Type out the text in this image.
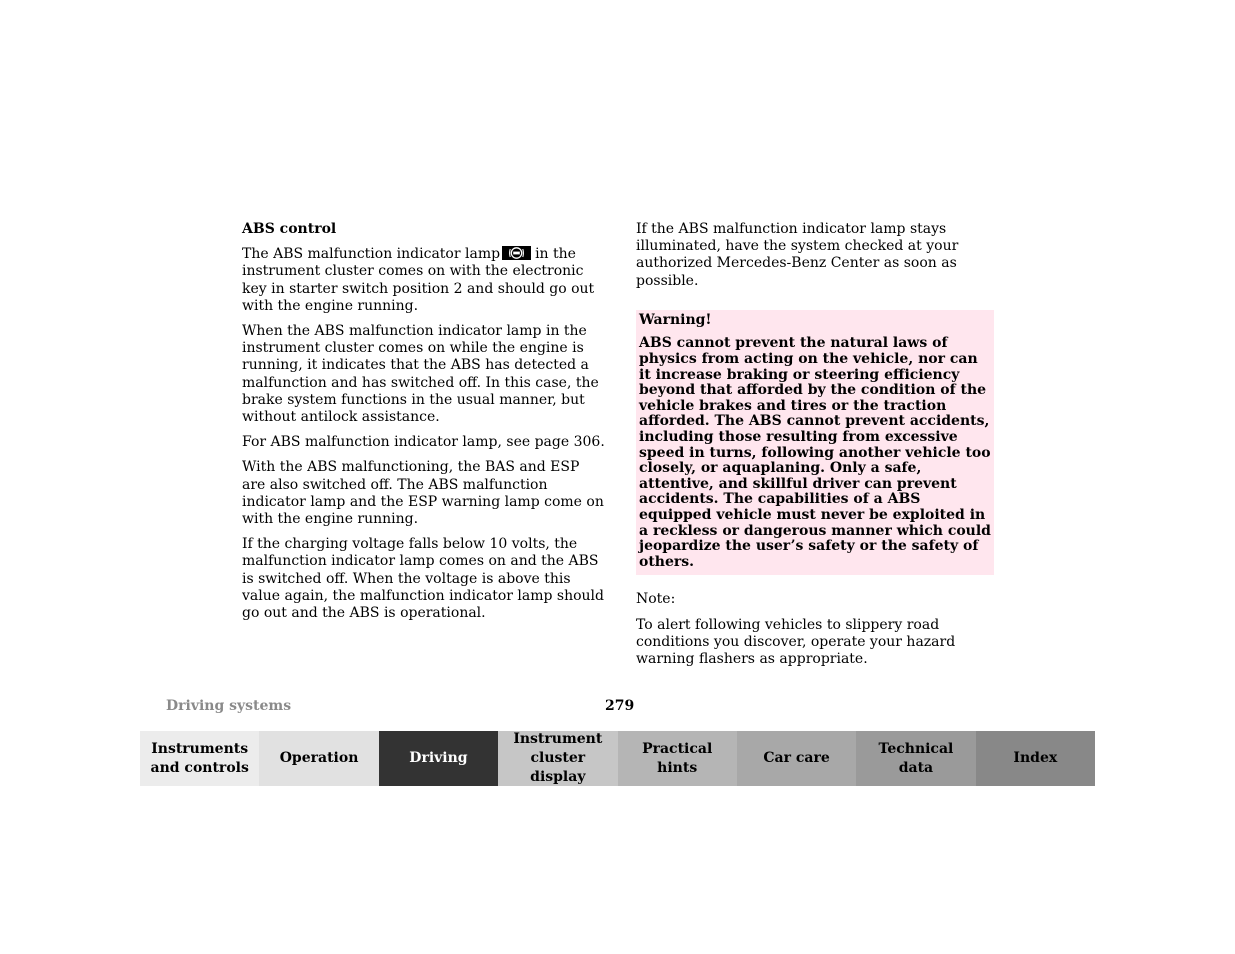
ABS control

The ABS malfunction indicator lamp	in the instrument cluster comes on with the electronic key in starter switch position 2 and should go out with the engine running.

When the ABS malfunction indicator lamp in the instrument cluster comes on while the engine is running, it indicates that the ABS has detected a malfunction and has switched off. In this case, the brake system functions in the usual manner, but without antilock assistance.

For ABS malfunction indicator lamp, see page 306.

With the ABS malfunctioning, the BAS and ESP are also switched off. The ABS malfunction indicator lamp and the ESP warning lamp come on with the engine running.

If the charging voltage falls below 10 volts, the malfunction indicator lamp comes on and the ABS is switched off. When the voltage is above this value again, the malfunction indicator lamp should go out and the ABS is operational.

If the ABS malfunction indicator lamp stays illuminated, have the system checked at your authorized Mercedes-Benz Center as soon as possible.

Warning!
ABS cannot prevent the natural laws of physics from acting on the vehicle, nor can it increase braking or steering efficiency beyond that afforded by the condition of the vehicle brakes and tires or the traction afforded. The ABS cannot prevent accidents, including those resulting from excessive speed in turns, following another vehicle too closely, or aquaplaning. Only a safe, attentive, and skillful driver can prevent accidents. The capabilities of a ABS equipped vehicle must never be exploited in a reckless or dangerous manner which could jeopardize the user’s safety or the safety of others.

Note:

To alert following vehicles to slippery road conditions you discover, operate your hazard warning flashers as appropriate.

Driving systems	279
Instruments and controls
Operation	Driving
Instrument cluster display
Practical hints
Car care
Technical data
Index
